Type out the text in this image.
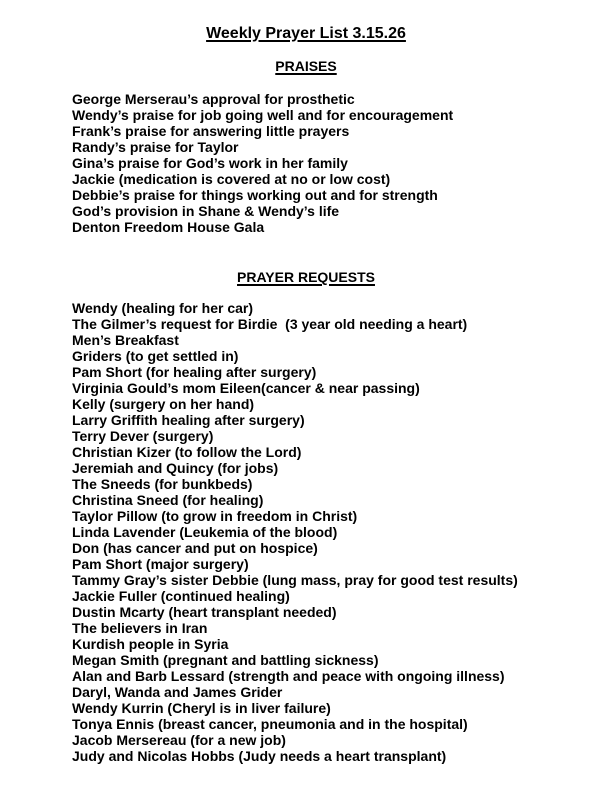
Weekly Prayer List 3.15.26
PRAISES
George Merserau’s approval for prosthetic
Wendy’s praise for job going well and for encouragement
Frank’s praise for answering little prayers
Randy’s praise for Taylor
Gina’s praise for God’s work in her family
Jackie (medication is covered at no or low cost)
Debbie’s praise for things working out and for strength
God’s provision in Shane & Wendy’s life
Denton Freedom House Gala
PRAYER REQUESTS
Wendy (healing for her car)
The Gilmer’s request for Birdie  (3 year old needing a heart)
Men’s Breakfast
Griders (to get settled in)
Pam Short (for healing after surgery)
Virginia Gould’s mom Eileen(cancer & near passing)
Kelly (surgery on her hand)
Larry Griffith healing after surgery)
Terry Dever (surgery)
Christian Kizer (to follow the Lord)
Jeremiah and Quincy (for jobs)
The Sneeds (for bunkbeds)
Christina Sneed (for healing)
Taylor Pillow (to grow in freedom in Christ)
Linda Lavender (Leukemia of the blood)
Don (has cancer and put on hospice)
Pam Short (major surgery)
Tammy Gray’s sister Debbie (lung mass, pray for good test results)
Jackie Fuller (continued healing)
Dustin Mcarty (heart transplant needed)
The believers in Iran
Kurdish people in Syria
Megan Smith (pregnant and battling sickness)
Alan and Barb Lessard (strength and peace with ongoing illness)
Daryl, Wanda and James Grider
Wendy Kurrin (Cheryl is in liver failure)
Tonya Ennis (breast cancer, pneumonia and in the hospital)
Jacob Mersereau (for a new job)
Judy and Nicolas Hobbs (Judy needs a heart transplant)
